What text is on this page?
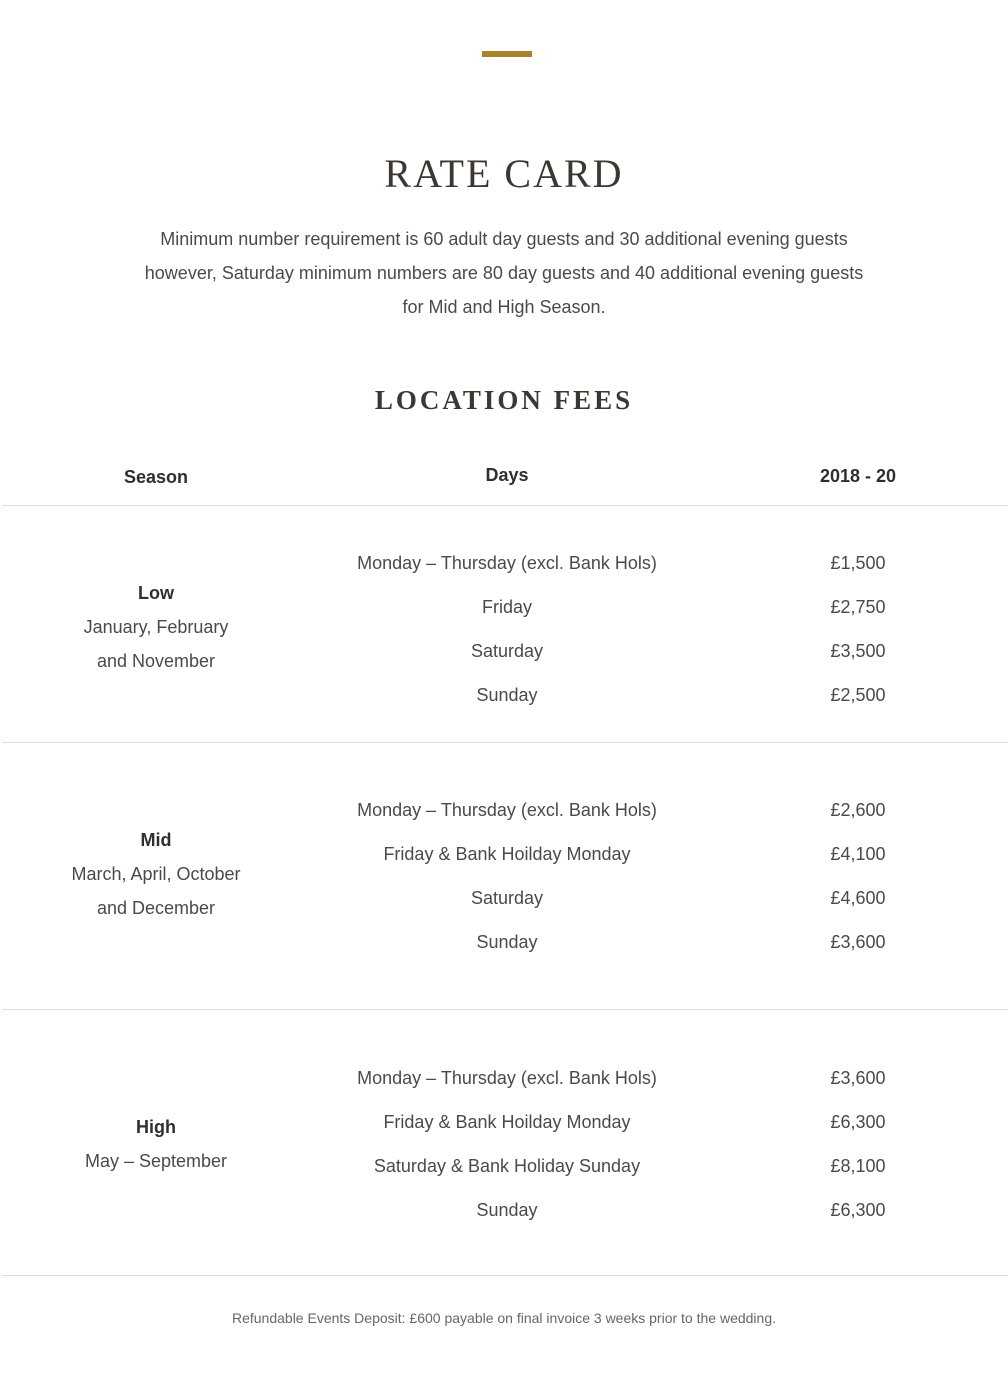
RATE CARD

Minimum number requirement is 60 adult day guests and 30 additional evening guests
however, Saturday minimum numbers are 80 day guests and 40 additional evening guests
for Mid and High Season.

LOCATION FEES
Season	Days	2018 - 20
Low
January, February
and November
Monday – Thursday (excl. Bank Hols)	£1,500
Friday	£2,750
Saturday	£3,500
Sunday	£2,500
Mid
March, April, October
and December
Monday – Thursday (excl. Bank Hols)	£2,600
Friday & Bank Hoilday Monday	£4,100
Saturday	£4,600
Sunday	£3,600
High
May – September
Monday – Thursday (excl. Bank Hols)	£3,600
Friday & Bank Hoilday Monday	£6,300
Saturday & Bank Holiday Sunday	£8,100
Sunday	£6,300

Refundable Events Deposit: £600 payable on final invoice 3 weeks prior to the wedding.
